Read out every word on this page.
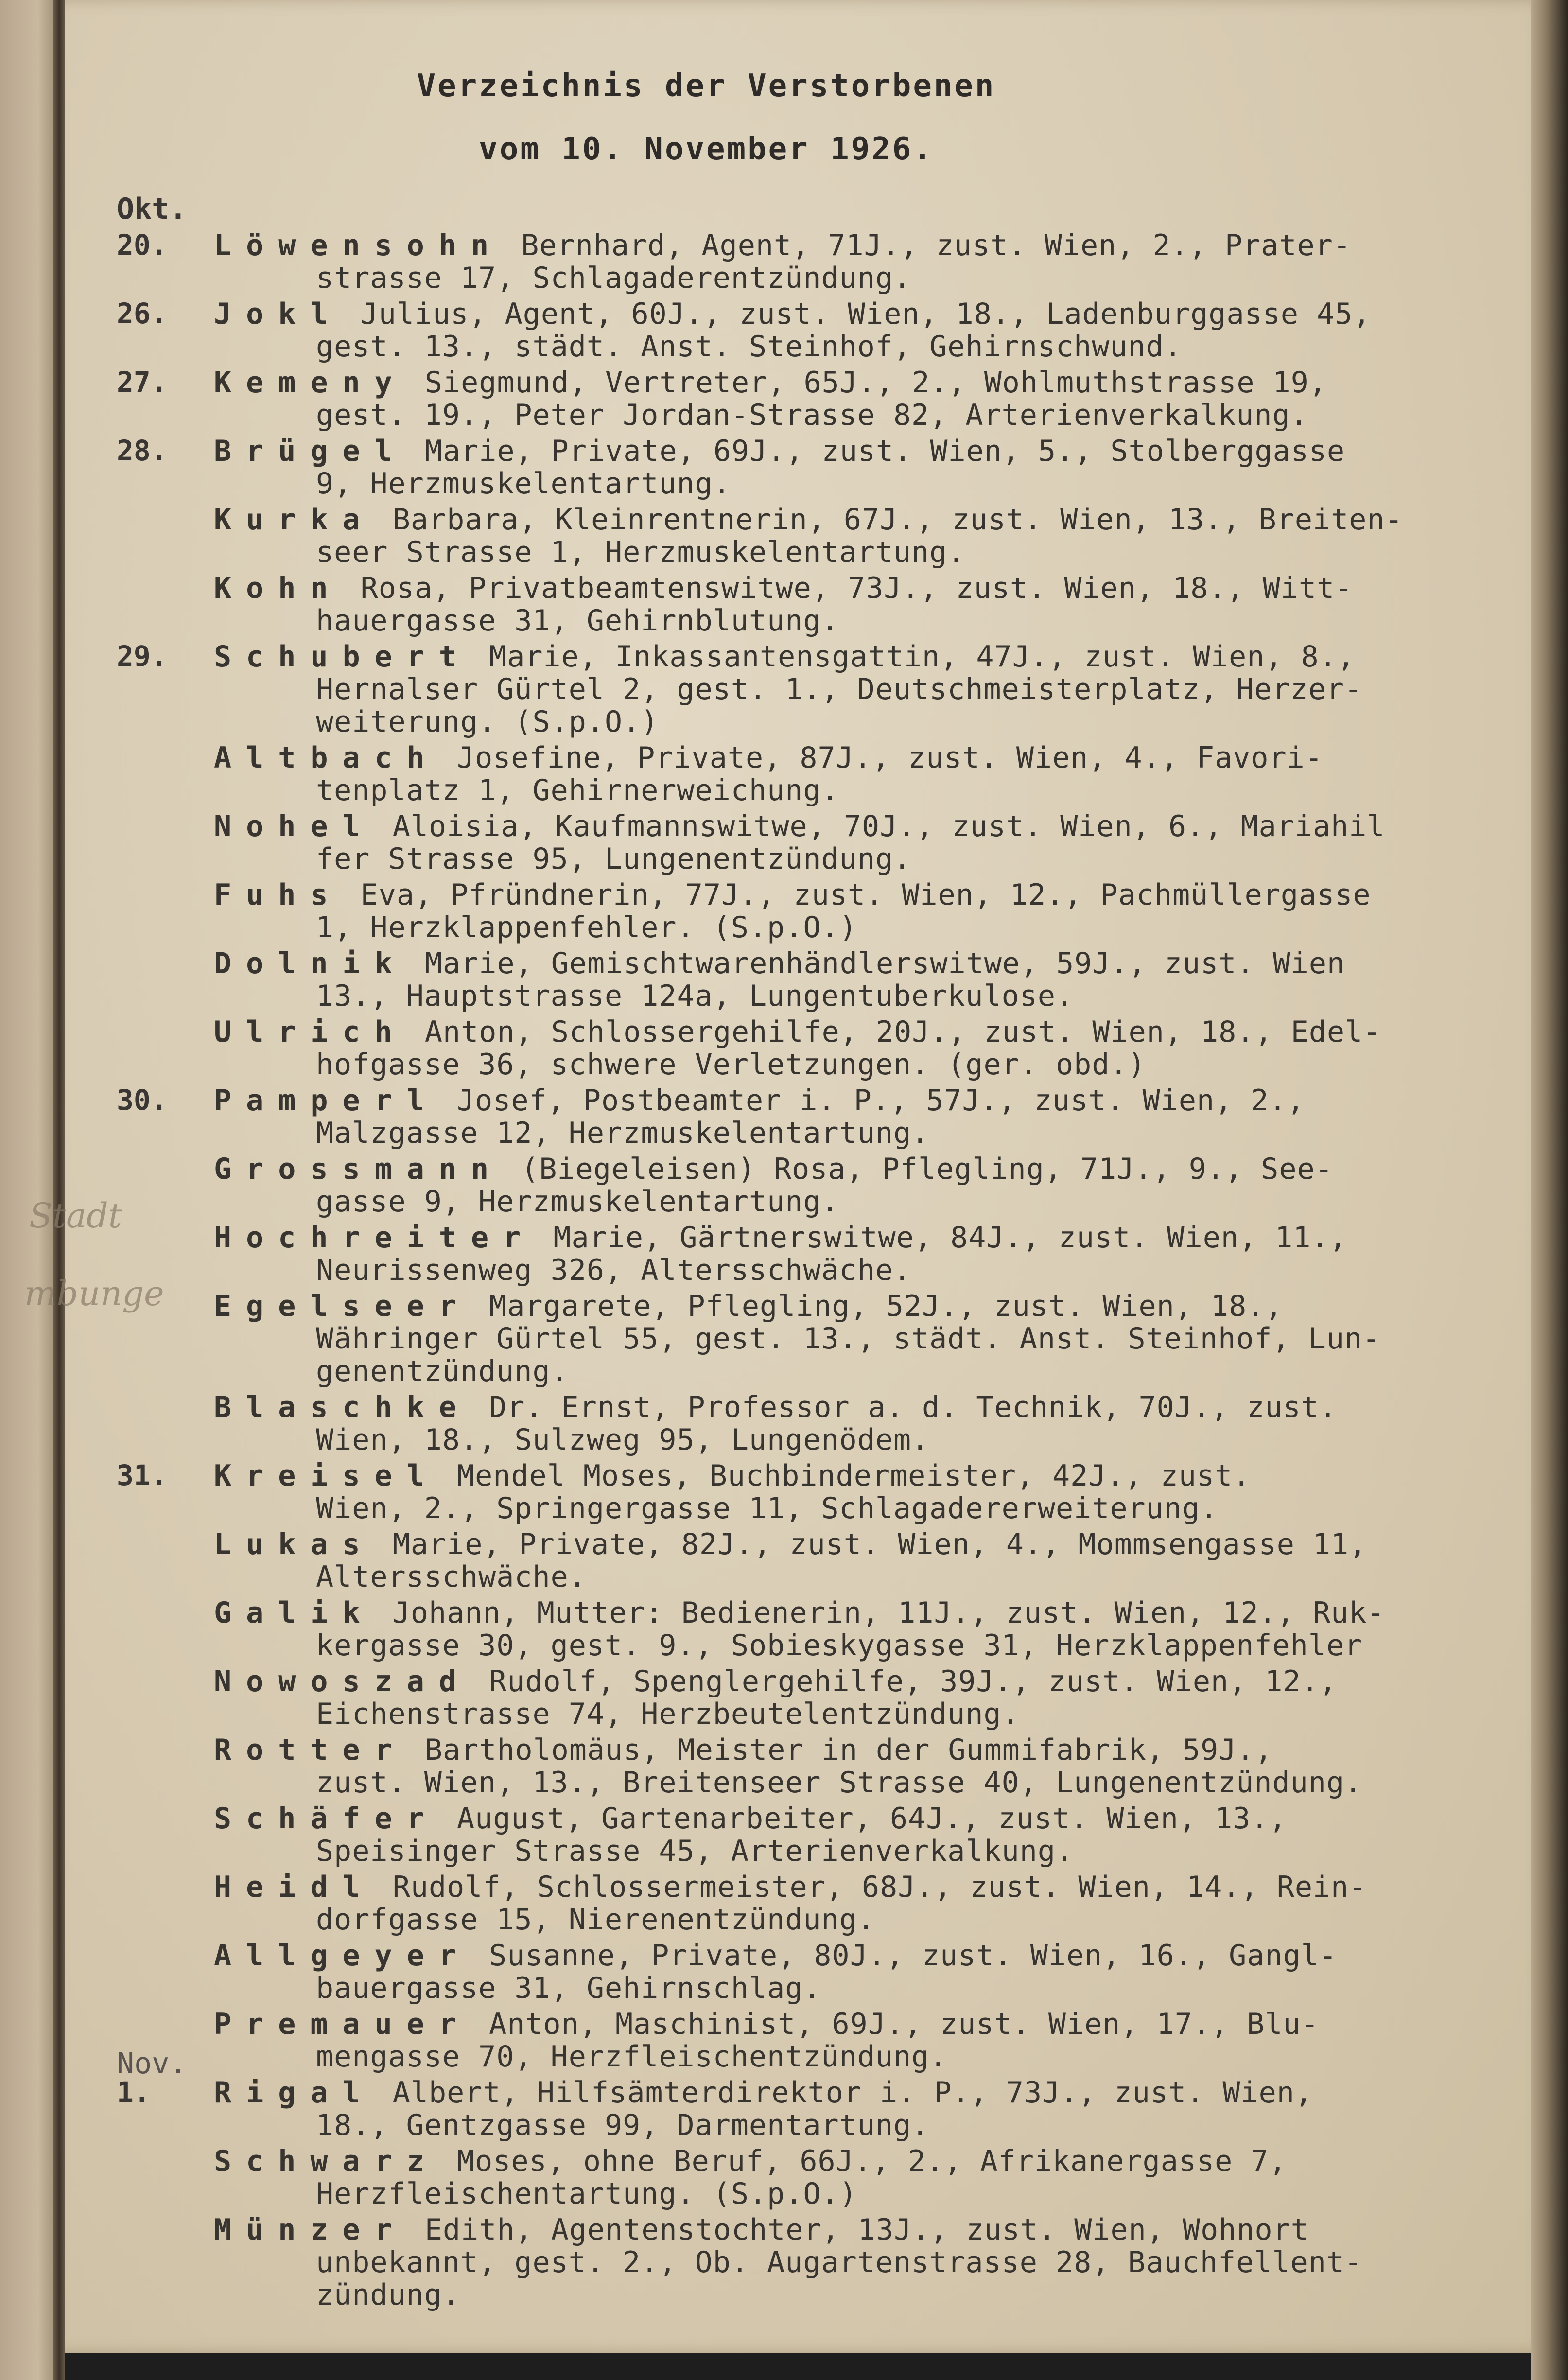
Verzeichnis der Verstorbenen
vom 10. November 1926.
Okt.
Nov.
Stadt
mbunge
20. Löwensohn Bernhard, Agent, 71J., zust. Wien, 2., Prater-
strasse 17, Schlagaderentzündung.
26. Jokl Julius, Agent, 60J., zust. Wien, 18., Ladenburggasse 45,
gest. 13., städt. Anst. Steinhof, Gehirnschwund.
27. Kemeny Siegmund, Vertreter, 65J., 2., Wohlmuthstrasse 19,
gest. 19., Peter Jordan-Strasse 82, Arterienverkalkung.
28. Brügel Marie, Private, 69J., zust. Wien, 5., Stolberggasse
9, Herzmuskelentartung.
Kurka Barbara, Kleinrentnerin, 67J., zust. Wien, 13., Breiten-
seer Strasse 1, Herzmuskelentartung.
Kohn Rosa, Privatbeamtenswitwe, 73J., zust. Wien, 18., Witt-
hauergasse 31, Gehirnblutung.
29. Schubert Marie, Inkassantensgattin, 47J., zust. Wien, 8.,
Hernalser Gürtel 2, gest. 1., Deutschmeisterplatz, Herzer-
weiterung. (S.p.O.)
Altbach Josefine, Private, 87J., zust. Wien, 4., Favori-
tenplatz 1, Gehirnerweichung.
Nohel Aloisia, Kaufmannswitwe, 70J., zust. Wien, 6., Mariahil
fer Strasse 95, Lungenentzündung.
Fuhs Eva, Pfründnerin, 77J., zust. Wien, 12., Pachmüllergasse
1, Herzklappenfehler. (S.p.O.)
Dolnik Marie, Gemischtwarenhändlerswitwe, 59J., zust. Wien
13., Hauptstrasse 124a, Lungentuberkulose.
Ulrich Anton, Schlossergehilfe, 20J., zust. Wien, 18., Edel-
hofgasse 36, schwere Verletzungen. (ger. obd.)
30. Pamperl Josef, Postbeamter i. P., 57J., zust. Wien, 2.,
Malzgasse 12, Herzmuskelentartung.
Grossmann (Biegeleisen) Rosa, Pflegling, 71J., 9., See-
gasse 9, Herzmuskelentartung.
Hochreiter Marie, Gärtnerswitwe, 84J., zust. Wien, 11.,
Neurissenweg 326, Altersschwäche.
Egelseer Margarete, Pflegling, 52J., zust. Wien, 18.,
Währinger Gürtel 55, gest. 13., städt. Anst. Steinhof, Lun-
genentzündung.
Blaschke Dr. Ernst, Professor a. d. Technik, 70J., zust.
Wien, 18., Sulzweg 95, Lungenödem.
31. Kreisel Mendel Moses, Buchbindermeister, 42J., zust.
Wien, 2., Springergasse 11, Schlagadererweiterung.
Lukas Marie, Private, 82J., zust. Wien, 4., Mommsengasse 11,
Altersschwäche.
Galik Johann, Mutter: Bedienerin, 11J., zust. Wien, 12., Ruk-
kergasse 30, gest. 9., Sobieskygasse 31, Herzklappenfehler
Nowoszad Rudolf, Spenglergehilfe, 39J., zust. Wien, 12.,
Eichenstrasse 74, Herzbeutelentzündung.
Rotter Bartholomäus, Meister in der Gummifabrik, 59J.,
zust. Wien, 13., Breitenseer Strasse 40, Lungenentzündung.
Schäfer August, Gartenarbeiter, 64J., zust. Wien, 13.,
Speisinger Strasse 45, Arterienverkalkung.
Heidl Rudolf, Schlossermeister, 68J., zust. Wien, 14., Rein-
dorfgasse 15, Nierenentzündung.
Allgeyer Susanne, Private, 80J., zust. Wien, 16., Gangl-
bauergasse 31, Gehirnschlag.
Premauer Anton, Maschinist, 69J., zust. Wien, 17., Blu-
mengasse 70, Herzfleischentzündung.
1. Rigal Albert, Hilfsämterdirektor i. P., 73J., zust. Wien,
18., Gentzgasse 99, Darmentartung.
Schwarz Moses, ohne Beruf, 66J., 2., Afrikanergasse 7,
Herzfleischentartung. (S.p.O.)
Münzer Edith, Agentenstochter, 13J., zust. Wien, Wohnort
unbekannt, gest. 2., Ob. Augartenstrasse 28, Bauchfellent-
zündung.
